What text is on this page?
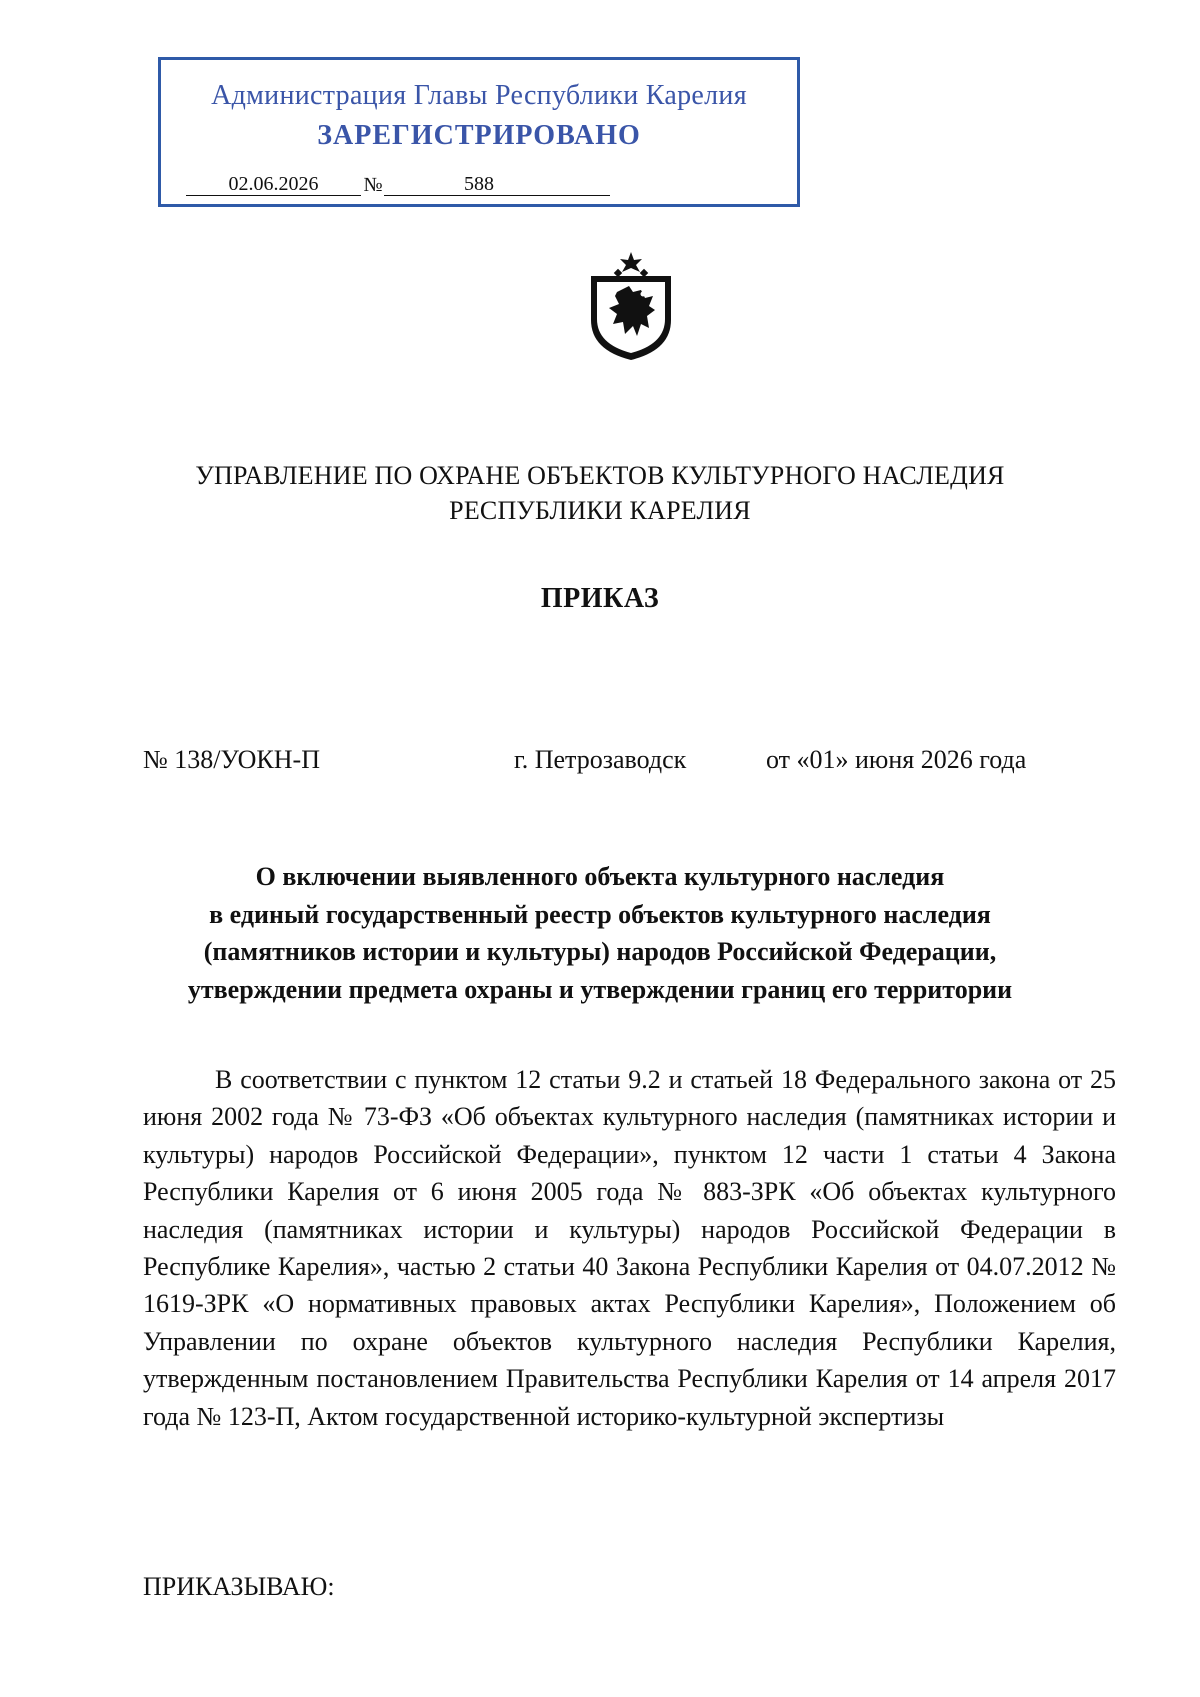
Администрация Главы Республики Карелия
ЗАРЕГИСТРИРОВАНО
02.06.2026	№	588
УПРАВЛЕНИЕ ПО ОХРАНЕ ОБЪЕКТОВ КУЛЬТУРНОГО НАСЛЕДИЯ
РЕСПУБЛИКИ КАРЕЛИЯ
ПРИКАЗ
№ 138/УОКН-П	г. Петрозаводск	от «01» июня 2026 года
О включении выявленного объекта культурного наследия
в единый государственный реестр объектов культурного наследия
(памятников истории и культуры) народов Российской Федерации,
утверждении предмета охраны и утверждении границ его территории

В соответствии с пунктом 12 статьи 9.2 и статьей 18 Федерального закона от 25 июня 2002 года № 73-ФЗ «Об объектах культурного наследия (памятниках истории и культуры) народов Российской Федерации», пунктом 12 части 1 статьи 4 Закона Республики Карелия от 6 июня 2005 года № 883-ЗРК «Об объектах культурного наследия (памятниках истории и культуры) народов Российской Федерации в Республике Карелия», частью 2 статьи 40 Закона Республики Карелия от 04.07.2012 № 1619-ЗРК «О нормативных правовых актах Республики Карелия», Положением об Управлении по охране объектов культурного наследия Республики Карелия, утвержденным постановлением Правительства Республики Карелия от 14 апреля 2017 года № 123-П, Актом государственной историко-культурной экспертизы

ПРИКАЗЫВАЮ:
